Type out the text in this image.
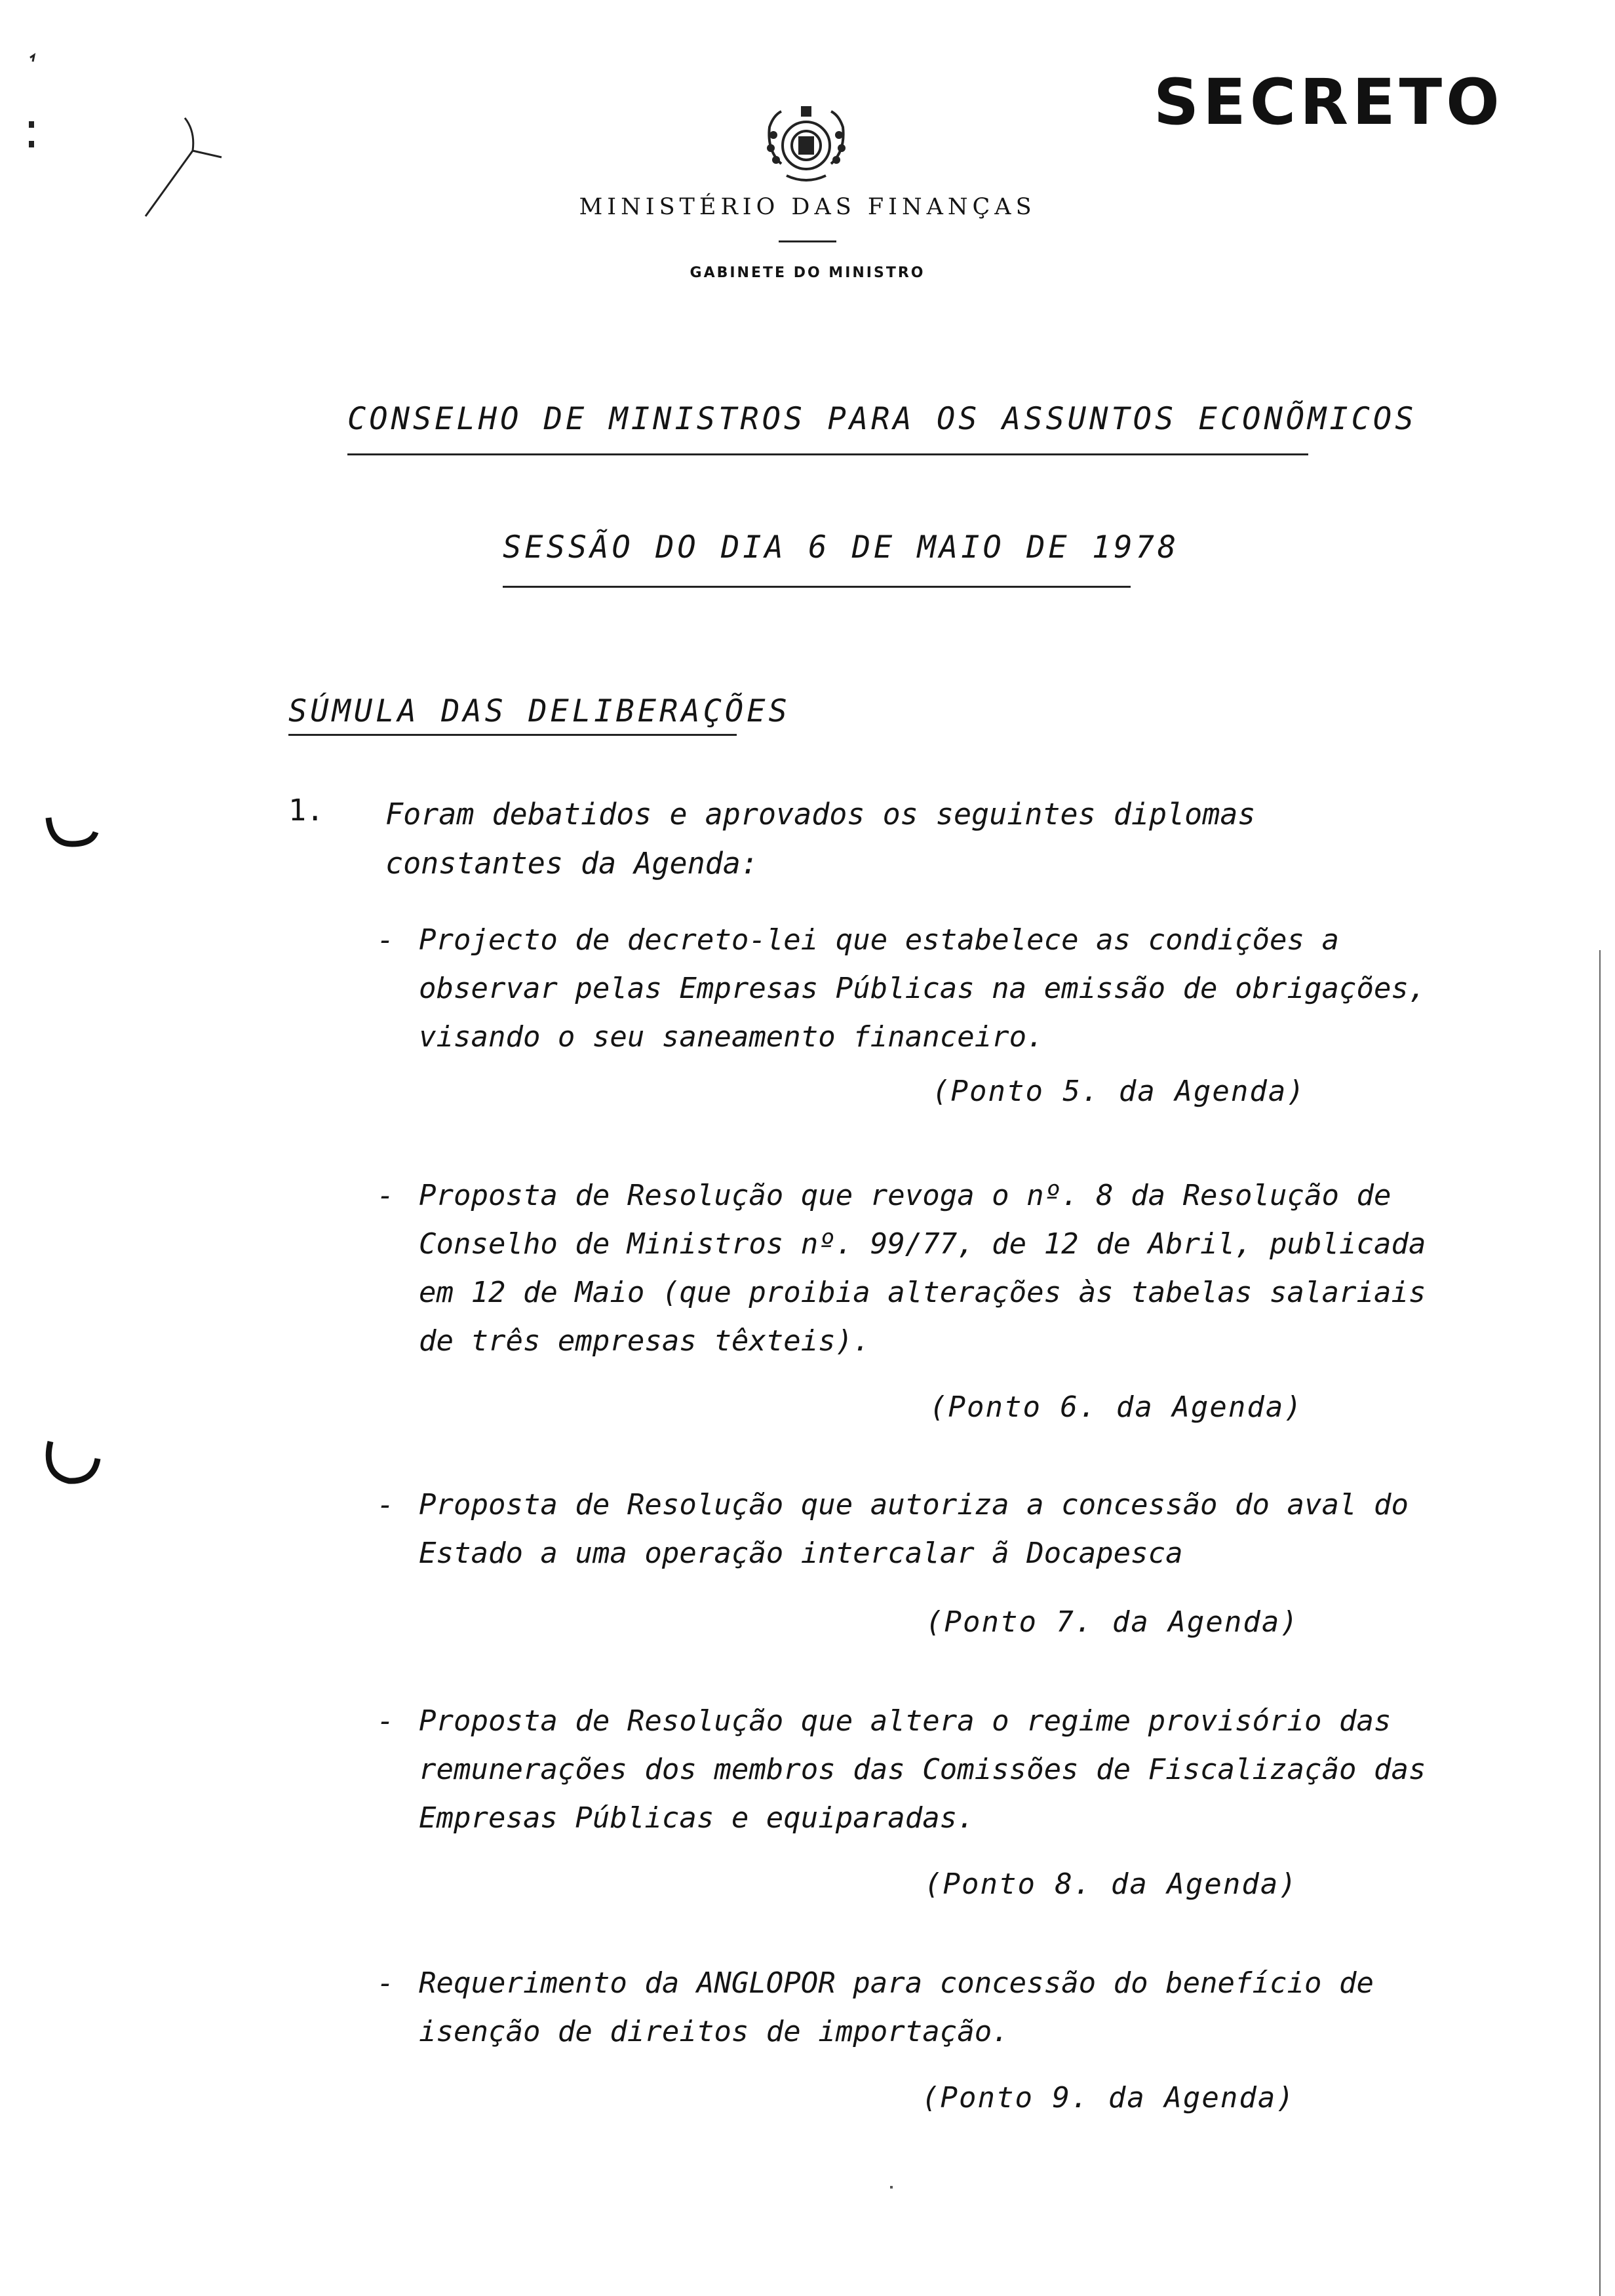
SECRETO
MINISTÉRIO DAS FINANÇAS
GABINETE DO MINISTRO
CONSELHO DE MINISTROS PARA OS ASSUNTOS ECONÕMICOS
SESSÃO DO DIA 6 DE MAIO DE 1978
SÚMULA DAS DELIBERAÇÕES
1. Foram debatidos e aprovados os seguintes diplomas constantes da Agenda:
- Projecto de decreto-lei que estabelece as condições a observar pelas Empresas Públicas na emissão de obrigações, visando o seu saneamento financeiro.
(Ponto 5. da Agenda)
- Proposta de Resolução que revoga o nº. 8 da Resolução de Conselho de Ministros nº. 99/77, de 12 de Abril, publicada em 12 de Maio (que proibia alterações às tabelas salariais de três empresas têxteis).
(Ponto 6. da Agenda)
- Proposta de Resolução que autoriza a concessão do aval do Estado a uma operação intercalar ã Docapesca
(Ponto 7. da Agenda)
- Proposta de Resolução que altera o regime provisório das remunerações dos membros das Comissões de Fiscalização das Empresas Públicas e equiparadas.
(Ponto 8. da Agenda)
- Requerimento da ANGLOPOR para concessão do benefício de isenção de direitos de importação.
(Ponto 9. da Agenda)
